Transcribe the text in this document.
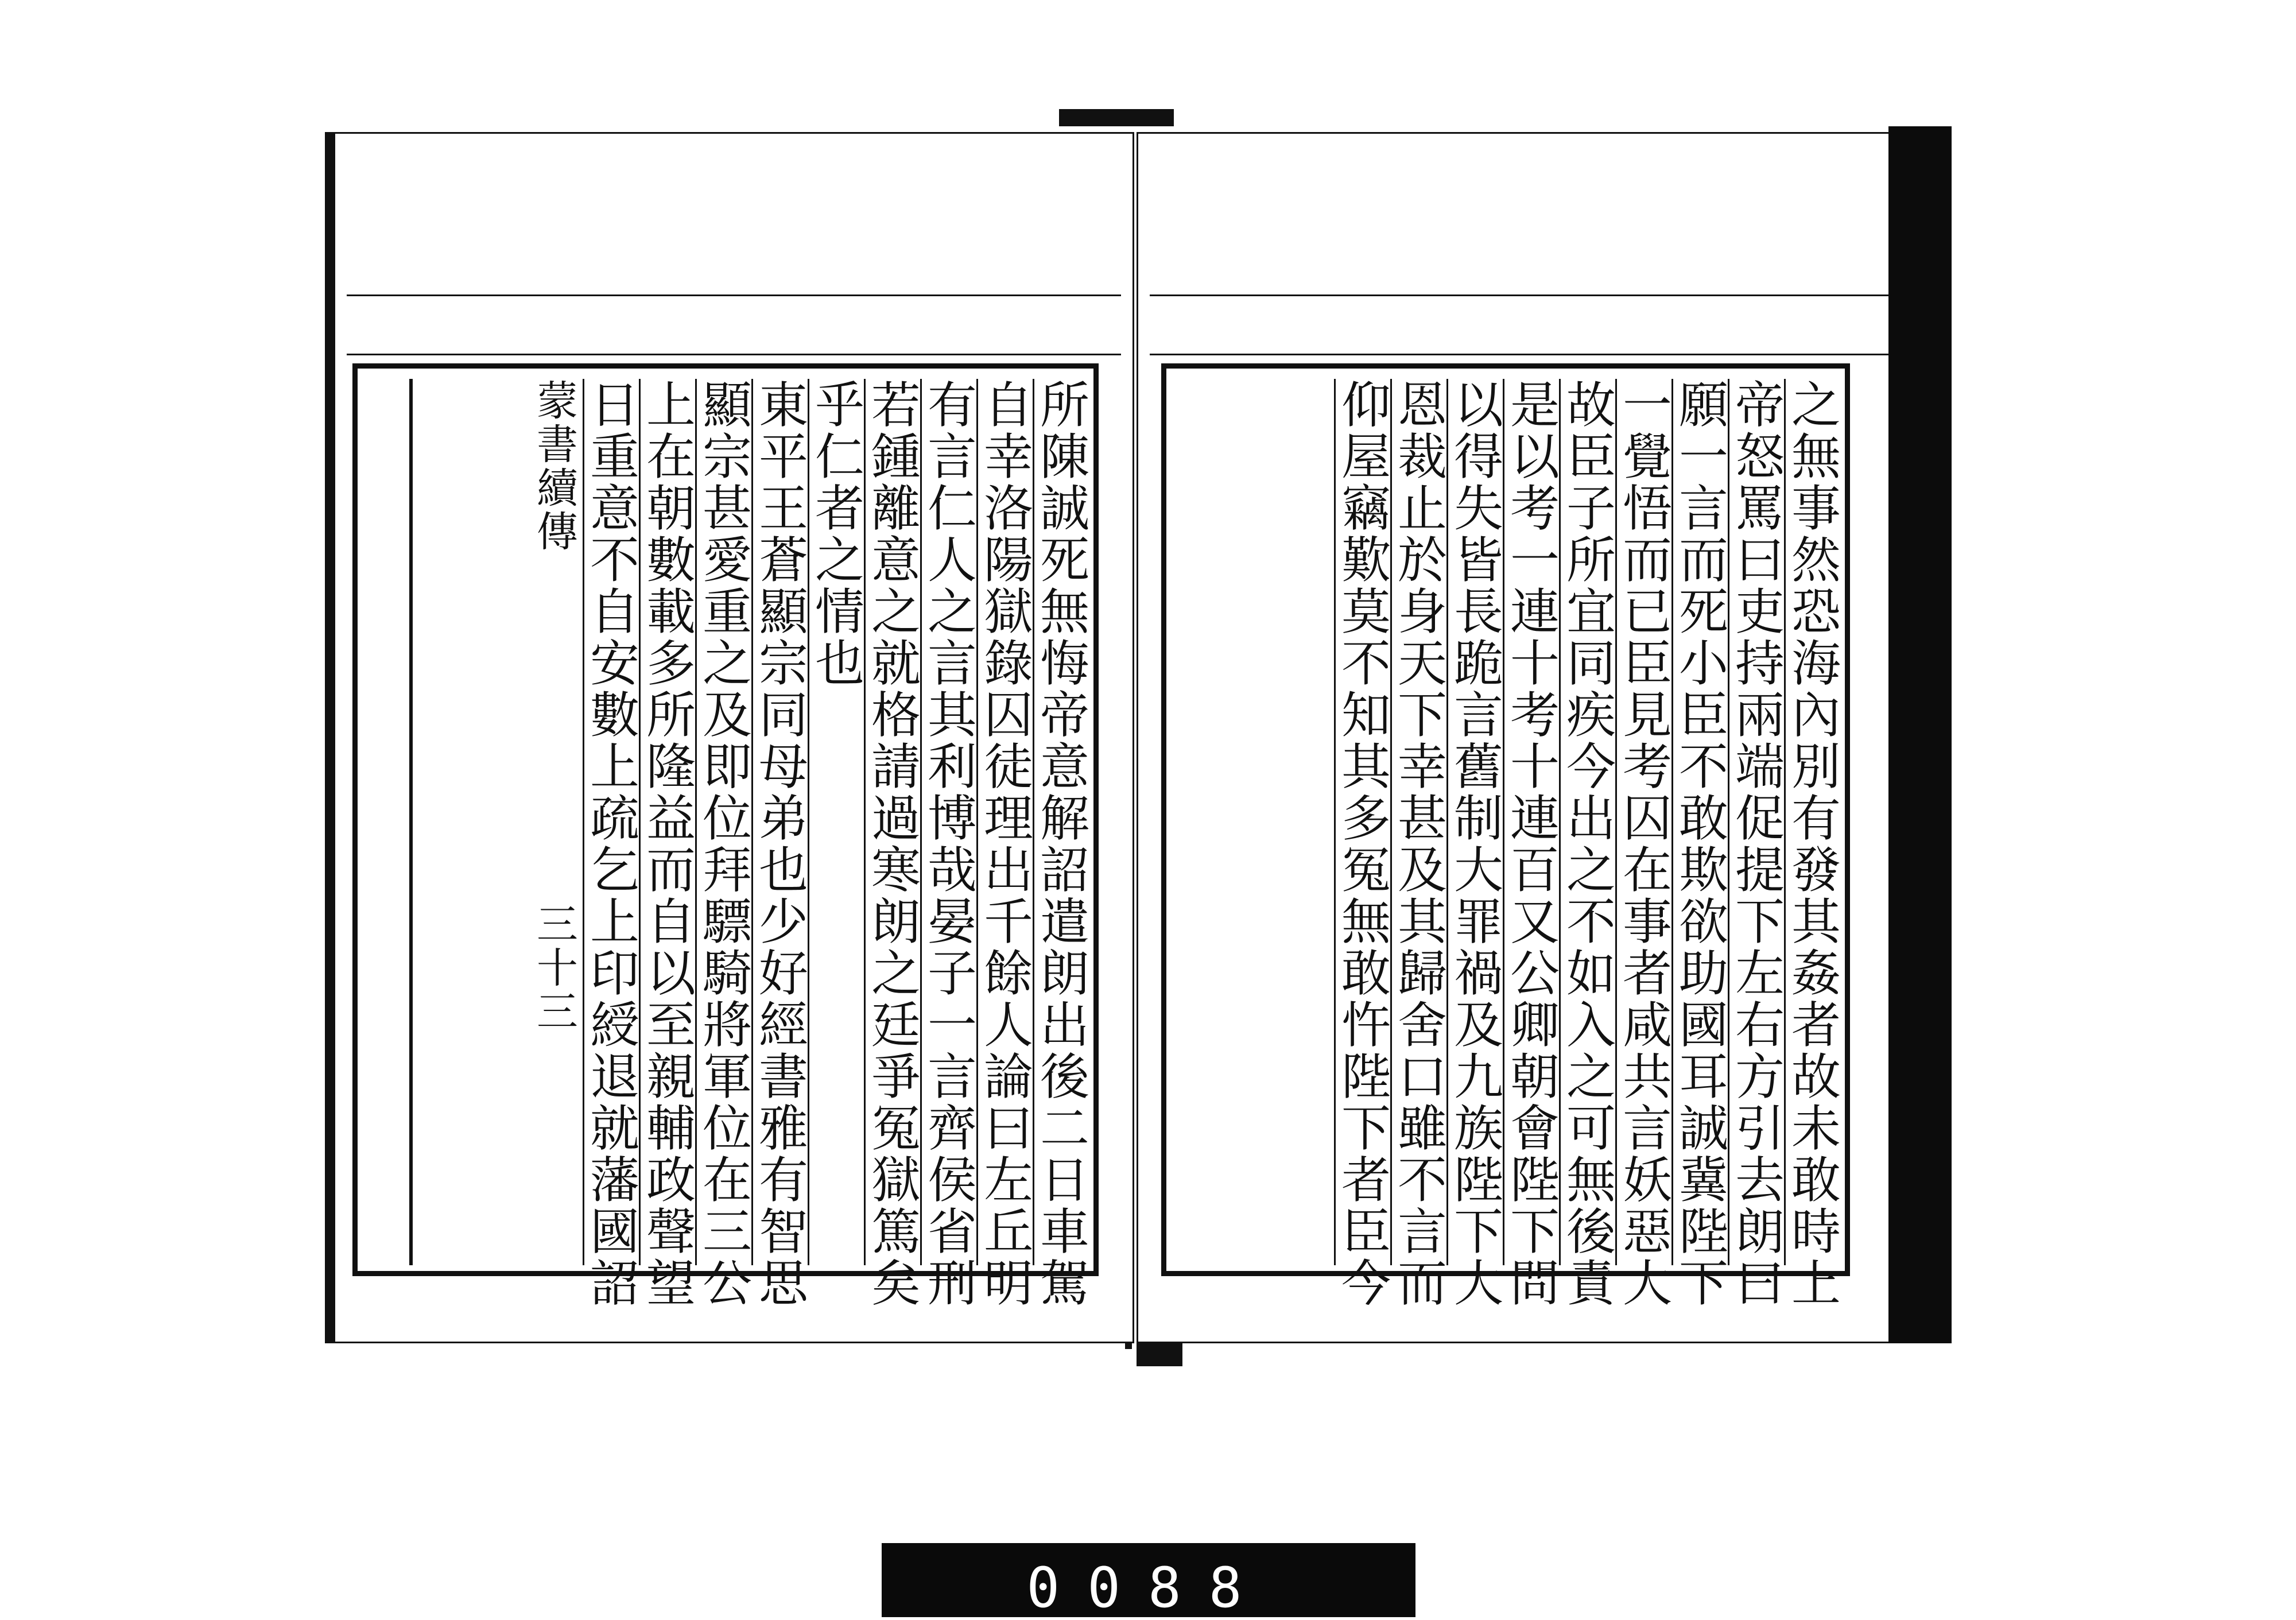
所陳誠死無悔帝意解詔遣朗出後二日車駕
自幸洛陽獄錄囚徒理出千餘人論曰左丘明
有言仁人之言其利博哉晏子一言齊侯省刑
若鍾離意之就格請過寒朗之廷爭冤獄篤矣
乎仁者之情也
東平王蒼顯宗同母弟也少好經書雅有智思
顯宗甚愛重之及即位拜驃騎將軍位在三公
上在朝數載多所隆益而自以至親輔政聲望
日重意不自安數上疏乞上印綬退就藩國詔
蒙書續傳 三十三	之無事然恐海內別有發其姦者故未敢時上
帝怒罵曰吏持兩端促提下左右方引去朗曰
願一言而死小臣不敢欺欲助國耳誠冀陛下
一覺悟而已臣見考囚在事者咸共言妖惡大
故臣子所宜同疾今出之不如入之可無後責
是以考一連十考十連百又公卿朝會陛下問
以得失皆長跪言舊制大罪禍及九族陛下大
恩裁止於身天下幸甚及其歸舍口雖不言而
仰屋竊歎莫不知其多冤無敢忤陛下者臣今
0088
